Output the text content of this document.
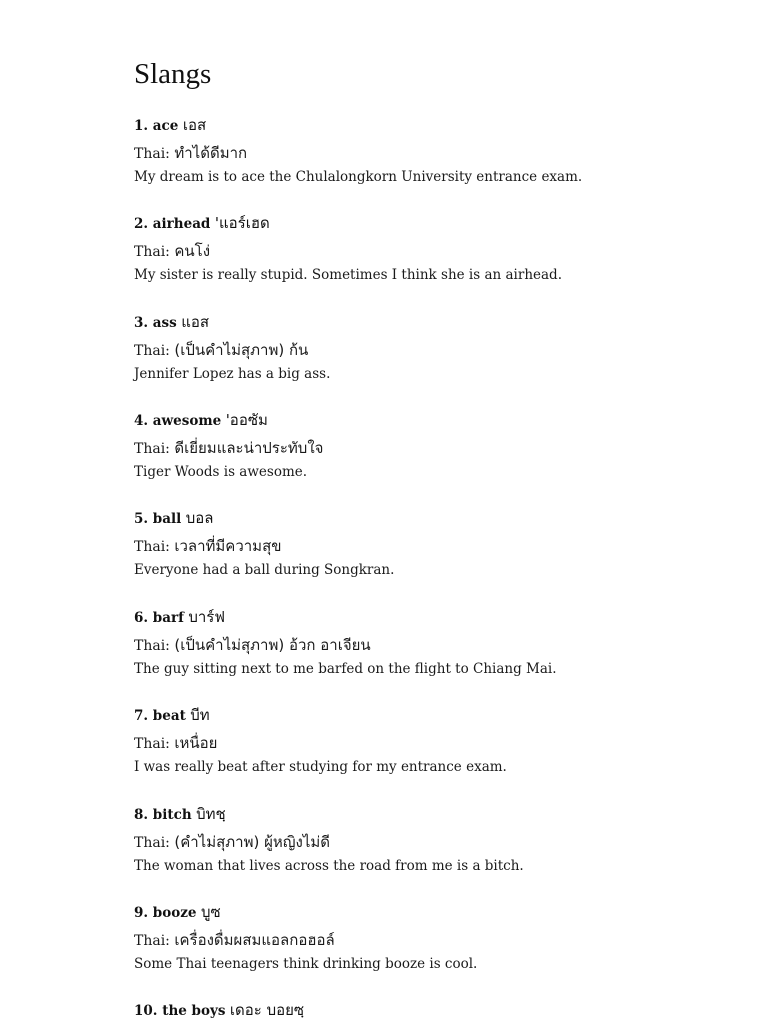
Slangs
1. ace เอส
Thai: ทำได้ดีมาก
My dream is to ace the Chulalongkorn University entrance exam.
2. airhead 'แอร์เฮด
Thai: คนโง่
My sister is really stupid. Sometimes I think she is an airhead.
3. ass แอส
Thai: (เป็นคำไม่สุภาพ) ก้น
Jennifer Lopez has a big ass.
4. awesome 'ออซัม
Thai: ดีเยี่ยมและน่าประทับใจ
Tiger Woods is awesome.
5. ball บอล
Thai: เวลาที่มีความสุข
Everyone had a ball during Songkran.
6. barf บาร์ฟ
Thai: (เป็นคำไม่สุภาพ) อ้วก อาเจียน
The guy sitting next to me barfed on the flight to Chiang Mai.
7. beat บีท
Thai: เหนื่อย
I was really beat after studying for my entrance exam.
8. bitch บิทชฺ
Thai: (คำไม่สุภาพ) ผู้หญิงไม่ดี
The woman that lives across the road from me is a bitch.
9. booze บูซ
Thai: เครื่องดื่มผสมแอลกอฮอล์
Some Thai teenagers think drinking booze is cool.
10. the boys เดอะ บอยซฺ
